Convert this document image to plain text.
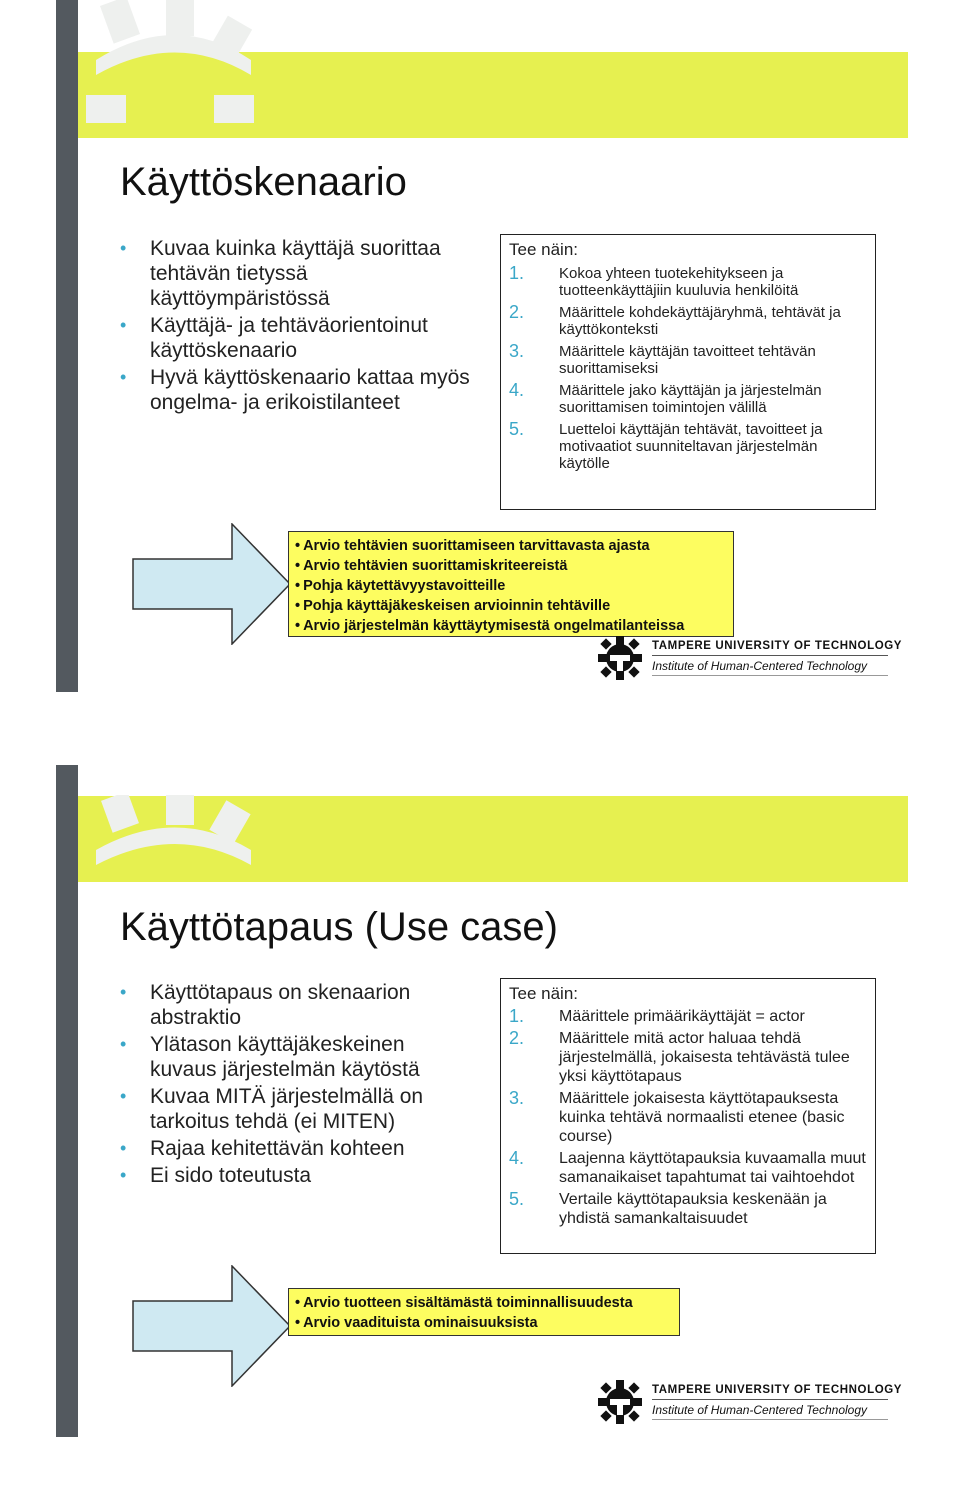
Käyttöskenaario
• Kuvaa kuinka käyttäjä suorittaa tehtävän tietyssä käyttöympäristössä
• Käyttäjä- ja tehtäväorientoinut käyttöskenaario
• Hyvä käyttöskenaario kattaa myös ongelma- ja erikoistilanteet
Tee näin:
1. Kokoa yhteen tuotekehitykseen ja tuotteenkäyttäjiin kuuluvia henkilöitä
2. Määrittele kohdekäyttäjäryhmä, tehtävät ja käyttökonteksti
3. Määrittele käyttäjän tavoitteet tehtävän suorittamiseksi
4. Määrittele jako käyttäjän ja järjestelmän suorittamisen toimintojen välillä
5. Luetteloi käyttäjän tehtävät, tavoitteet ja motivaatiot suunniteltavan järjestelmän käytölle
• Arvio tehtävien suorittamiseen tarvittavasta ajasta
• Arvio tehtävien suorittamiskriteereistä
• Pohja käytettävyystavoitteille
• Pohja käyttäjäkeskeisen arvioinnin tehtäville
• Arvio järjestelmän käyttäytymisestä ongelmatilanteissa
TAMPERE UNIVERSITY OF TECHNOLOGY
Institute of Human-Centered Technology
Käyttötapaus (Use case)
• Käyttötapaus on skenaarion abstraktio
• Ylätason käyttäjäkeskeinen kuvaus järjestelmän käytöstä
• Kuvaa MITÄ järjestelmällä on tarkoitus tehdä (ei MITEN)
• Rajaa kehitettävän kohteen
• Ei sido toteutusta
Tee näin:
1. Määrittele primäärikäyttäjät = actor
2. Määrittele mitä actor haluaa tehdä järjestelmällä, jokaisesta tehtävästä tulee yksi käyttötapaus
3. Määrittele jokaisesta käyttötapauksesta kuinka tehtävä normaalisti etenee (basic course)
4. Laajenna käyttötapauksia kuvaamalla muut samanaikaiset tapahtumat tai vaihtoehdot
5. Vertaile käyttötapauksia keskenään ja yhdistä samankaltaisuudet
• Arvio tuotteen sisältämästä toiminnallisuudesta
• Arvio vaadituista ominaisuuksista
TAMPERE UNIVERSITY OF TECHNOLOGY
Institute of Human-Centered Technology
